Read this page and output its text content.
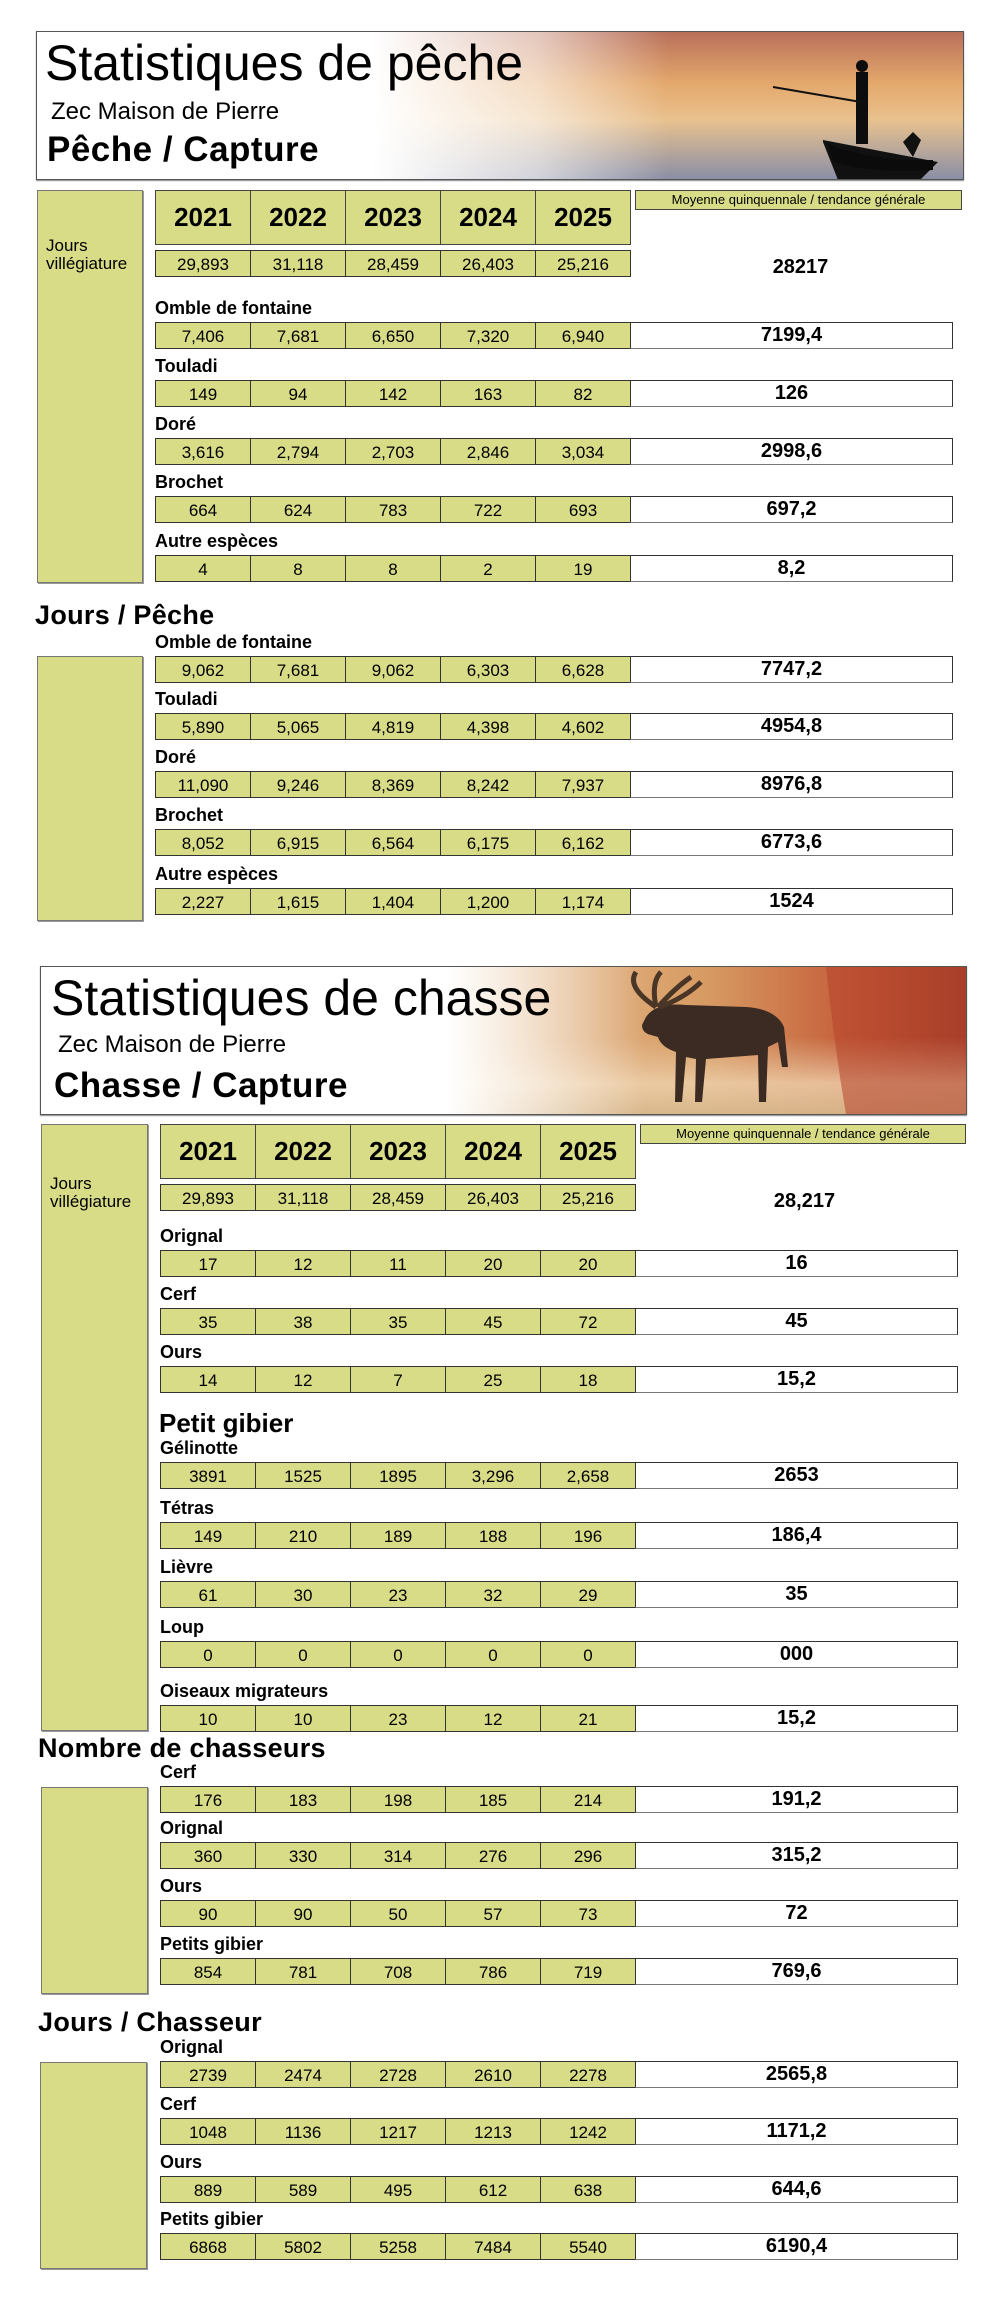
Statistiques de pêche
Zec Maison de Pierre
Pêche / Capture
Jours
villégiature
2021	2022	2023	2024	2025
Moyenne quinquennale / tendance générale
29,893	31,118	28,459	26,403	25,216	28217
Omble de fontaine
7,406	7,681	6,650	7,320	6,940	7199,4
Touladi
149	94	142	163	82	126
Doré
3,616	2,794	2,703	2,846	3,034	2998,6
Brochet
664	624	783	722	693	697,2
Autre espèces
4	8	8	2	19	8,2
Jours / Pêche
Omble de fontaine
9,062	7,681	9,062	6,303	6,628	7747,2
Touladi
5,890	5,065	4,819	4,398	4,602	4954,8
Doré
11,090	9,246	8,369	8,242	7,937	8976,8
Brochet
8,052	6,915	6,564	6,175	6,162	6773,6
Autre espèces
2,227	1,615	1,404	1,200	1,174	1524
Statistiques de chasse
Zec Maison de Pierre
Chasse / Capture
Jours
villégiature
2021	2022	2023	2024	2025
Moyenne quinquennale / tendance générale
29,893	31,118	28,459	26,403	25,216	28,217
Orignal
17	12	11	20	20	16
Cerf
35	38	35	45	72	45
Ours
14	12	7	25	18	15,2
Petit gibier
Gélinotte
3891	1525	1895	3,296	2,658	2653
Tétras
149	210	189	188	196	186,4
Lièvre
61	30	23	32	29	35
Loup
0	0	0	0	0	000
Oiseaux migrateurs
10	10	23	12	21	15,2
Nombre de chasseurs
Cerf
176	183	198	185	214	191,2
Orignal
360	330	314	276	296	315,2
Ours
90	90	50	57	73	72
Petits gibier
854	781	708	786	719	769,6
Jours / Chasseur
Orignal
2739	2474	2728	2610	2278	2565,8
Cerf
1048	1136	1217	1213	1242	1171,2
Ours
889	589	495	612	638	644,6
Petits gibier
6868	5802	5258	7484	5540	6190,4
